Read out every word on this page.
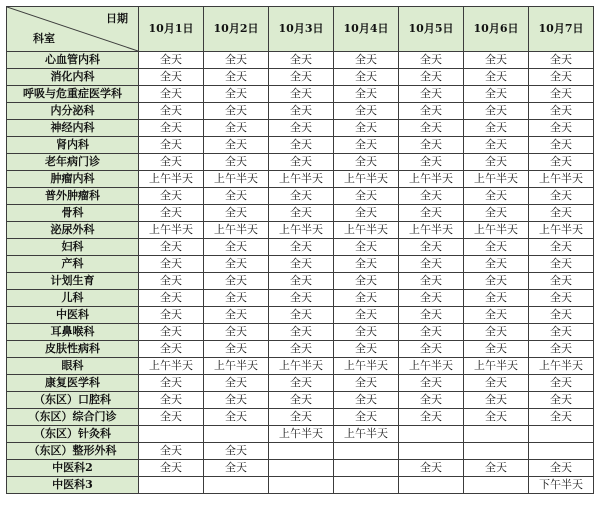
日期
科室	10月1日	10月2日	10月3日	10月4日	10月5日	10月6日	10月7日
心血管内科	全天	全天	全天	全天	全天	全天	全天
消化内科	全天	全天	全天	全天	全天	全天	全天
呼吸与危重症医学科	全天	全天	全天	全天	全天	全天	全天
内分泌科	全天	全天	全天	全天	全天	全天	全天
神经内科	全天	全天	全天	全天	全天	全天	全天
肾内科	全天	全天	全天	全天	全天	全天	全天
老年病门诊	全天	全天	全天	全天	全天	全天	全天
肿瘤内科	上午半天	上午半天	上午半天	上午半天	上午半天	上午半天	上午半天
普外肿瘤科	全天	全天	全天	全天	全天	全天	全天
骨科	全天	全天	全天	全天	全天	全天	全天
泌尿外科	上午半天	上午半天	上午半天	上午半天	上午半天	上午半天	上午半天
妇科	全天	全天	全天	全天	全天	全天	全天
产科	全天	全天	全天	全天	全天	全天	全天
计划生育	全天	全天	全天	全天	全天	全天	全天
儿科	全天	全天	全天	全天	全天	全天	全天
中医科	全天	全天	全天	全天	全天	全天	全天
耳鼻喉科	全天	全天	全天	全天	全天	全天	全天
皮肤性病科	全天	全天	全天	全天	全天	全天	全天
眼科	上午半天	上午半天	上午半天	上午半天	上午半天	上午半天	上午半天
康复医学科	全天	全天	全天	全天	全天	全天	全天
（东区）口腔科	全天	全天	全天	全天	全天	全天	全天
（东区）综合门诊	全天	全天	全天	全天	全天	全天	全天
（东区）针灸科			上午半天	上午半天			
（东区）整形外科	全天	全天					
中医科2	全天	全天			全天	全天	全天
中医科3							下午半天
